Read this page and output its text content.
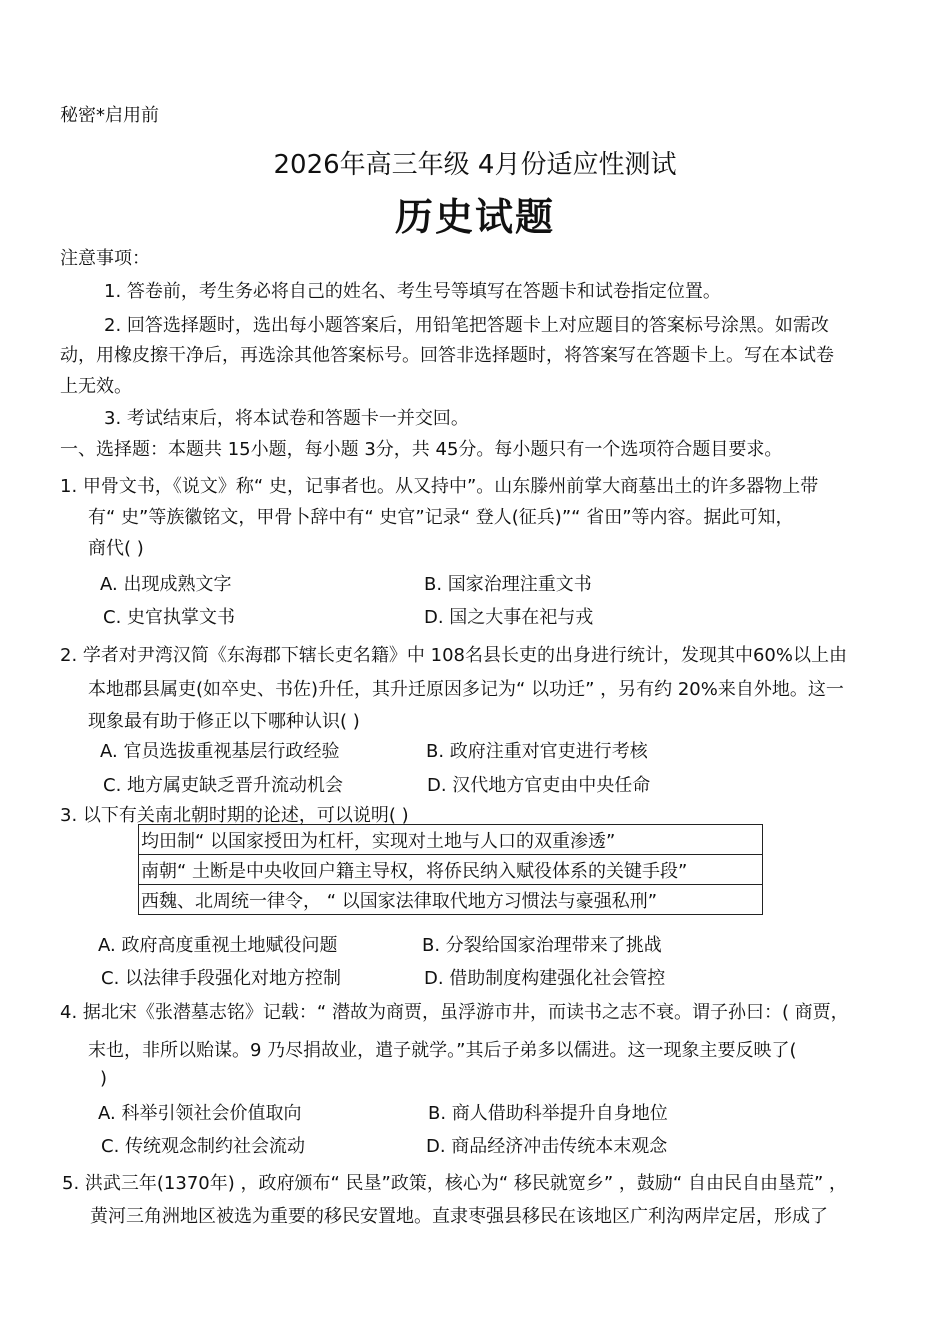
秘密*启用前
2026年高三年级 4月份适应性测试
历史试题
注意事项：
1. 答卷前，考生务必将自己的姓名、考生号等填写在答题卡和试卷指定位置。
2. 回答选择题时，选出每小题答案后，用铅笔把答题卡上对应题目的答案标号涂黑。如需改
动，用橡皮擦干净后，再选涂其他答案标号。回答非选择题时，将答案写在答题卡上。写在本试卷
上无效。
3. 考试结束后，将本试卷和答题卡一并交回。
一、选择题：本题共 15小题，每小题 3分，共 45分。每小题只有一个选项符合题目要求。
1. 甲骨文书，《说文》称“ 史，记事者也。从又持中”。山东滕州前掌大商墓出土的许多器物上带
有“ 史”等族徽铭文，甲骨卜辞中有“ 史官”记录“ 登人(征兵)”“ 省田”等内容。据此可知，
商代( )
A. 出现成熟文字	B. 国家治理注重文书
C. 史官执掌文书	D. 国之大事在祀与戎
2. 学者对尹湾汉简《东海郡下辖长吏名籍》中 108名县长吏的出身进行统计，发现其中60%以上由
本地郡县属吏(如卒史、书佐)升任，其升迁原因多记为“ 以功迁” ，另有约 20%来自外地。这一
现象最有助于修正以下哪种认识( )
A. 官员选拔重视基层行政经验	B. 政府注重对官吏进行考核
C. 地方属吏缺乏晋升流动机会	D. 汉代地方官吏由中央任命
3. 以下有关南北朝时期的论述，可以说明( )
均田制“ 以国家授田为杠杆，实现对土地与人口的双重渗透”
南朝“ 土断是中央收回户籍主导权，将侨民纳入赋役体系的关键手段”
西魏、北周统一律令， “ 以国家法律取代地方习惯法与豪强私刑”
A. 政府高度重视土地赋役问题	B. 分裂给国家治理带来了挑战
C. 以法律手段强化对地方控制	D. 借助制度构建强化社会管控
4. 据北宋《张潜墓志铭》记载：“ 潜故为商贾，虽浮游市井，而读书之志不衰。谓子孙曰：( 商贾，
末也，非所以贻谋。9 乃尽捐故业，遣子就学。”其后子弟多以儒进。这一现象主要反映了(
)
A. 科举引领社会价值取向	B. 商人借助科举提升自身地位
C. 传统观念制约社会流动	D. 商品经济冲击传统本末观念
5. 洪武三年(1370年) ，政府颁布“ 民垦”政策，核心为“ 移民就宽乡” ，鼓励“ 自由民自由垦荒” ，
黄河三角洲地区被选为重要的移民安置地。直隶枣强县移民在该地区广利沟两岸定居，形成了
